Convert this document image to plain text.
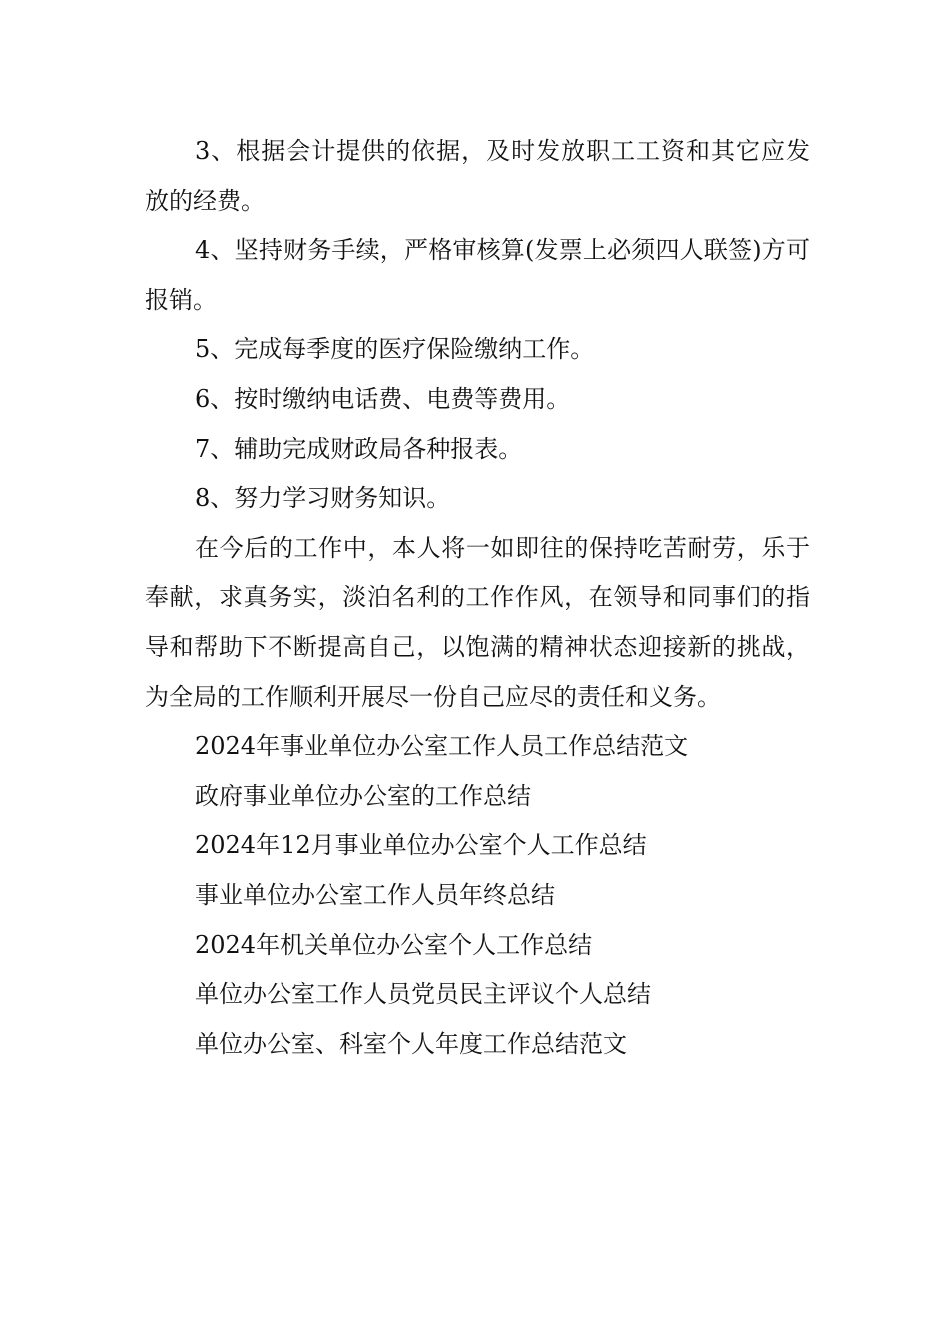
3、根据会计提供的依据，及时发放职工工资和其它应发放的经费。

4、坚持财务手续，严格审核算(发票上必须四人联签)方可报销。

5、完成每季度的医疗保险缴纳工作。

6、按时缴纳电话费、电费等费用。

7、辅助完成财政局各种报表。

8、努力学习财务知识。

在今后的工作中，本人将一如即往的保持吃苦耐劳，乐于奉献，求真务实，淡泊名利的工作作风，在领导和同事们的指导和帮助下不断提高自己，以饱满的精神状态迎接新的挑战，为全局的工作顺利开展尽一份自己应尽的责任和义务。

2024年事业单位办公室工作人员工作总结范文

政府事业单位办公室的工作总结

2024年12月事业单位办公室个人工作总结

事业单位办公室工作人员年终总结

2024年机关单位办公室个人工作总结

单位办公室工作人员党员民主评议个人总结

单位办公室、科室个人年度工作总结范文
